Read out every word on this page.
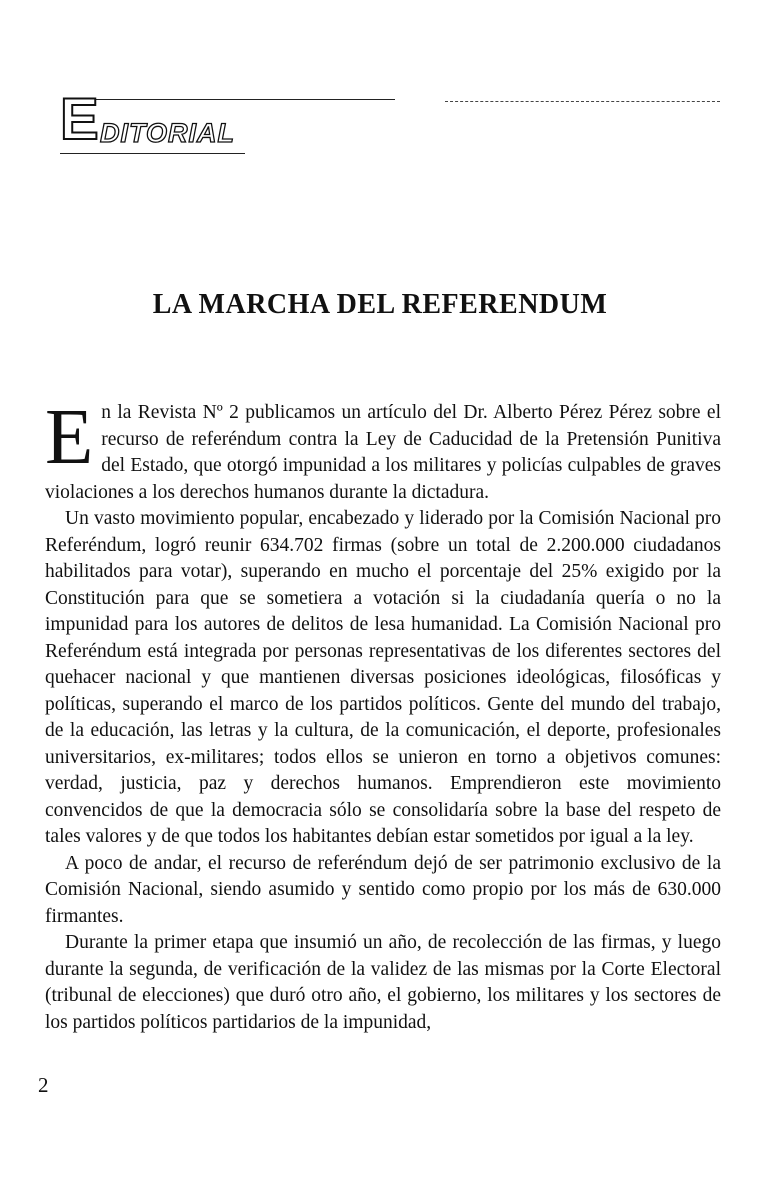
E DITORIAL
LA MARCHA DEL REFERENDUM

En la Revista Nº 2 publicamos un artículo del Dr. Alberto Pérez Pérez sobre el recurso de referéndum contra la Ley de Caducidad de la Pretensión Punitiva del Estado, que otorgó impunidad a los militares y policías culpables de graves violaciones a los derechos humanos durante la dictadura.

Un vasto movimiento popular, encabezado y liderado por la Comisión Nacional pro Referéndum, logró reunir 634.702 firmas (sobre un total de 2.200.000 ciudadanos habilitados para votar), superando en mucho el porcentaje del 25% exigido por la Constitución para que se sometiera a votación si la ciudadanía quería o no la impunidad para los autores de delitos de lesa humanidad. La Comisión Nacional pro Referéndum está integrada por personas representativas de los diferentes sectores del quehacer nacional y que mantienen diversas posiciones ideológicas, filosóficas y políticas, superando el marco de los partidos políticos. Gente del mundo del trabajo, de la educación, las letras y la cultura, de la comunicación, el deporte, profesionales universitarios, ex-militares; todos ellos se unieron en torno a objetivos comunes: verdad, justicia, paz y derechos humanos. Emprendieron este movimiento convencidos de que la democracia sólo se consolidaría sobre la base del respeto de tales valores y de que todos los habitantes debían estar sometidos por igual a la ley.

A poco de andar, el recurso de referéndum dejó de ser patrimonio exclusivo de la Comisión Nacional, siendo asumido y sentido como propio por los más de 630.000 firmantes.

Durante la primer etapa que insumió un año, de recolección de las firmas, y luego durante la segunda, de verificación de la validez de las mismas por la Corte Electoral (tribunal de elecciones) que duró otro año, el gobierno, los militares y los sectores de los partidos políticos partidarios de la impunidad,

2
